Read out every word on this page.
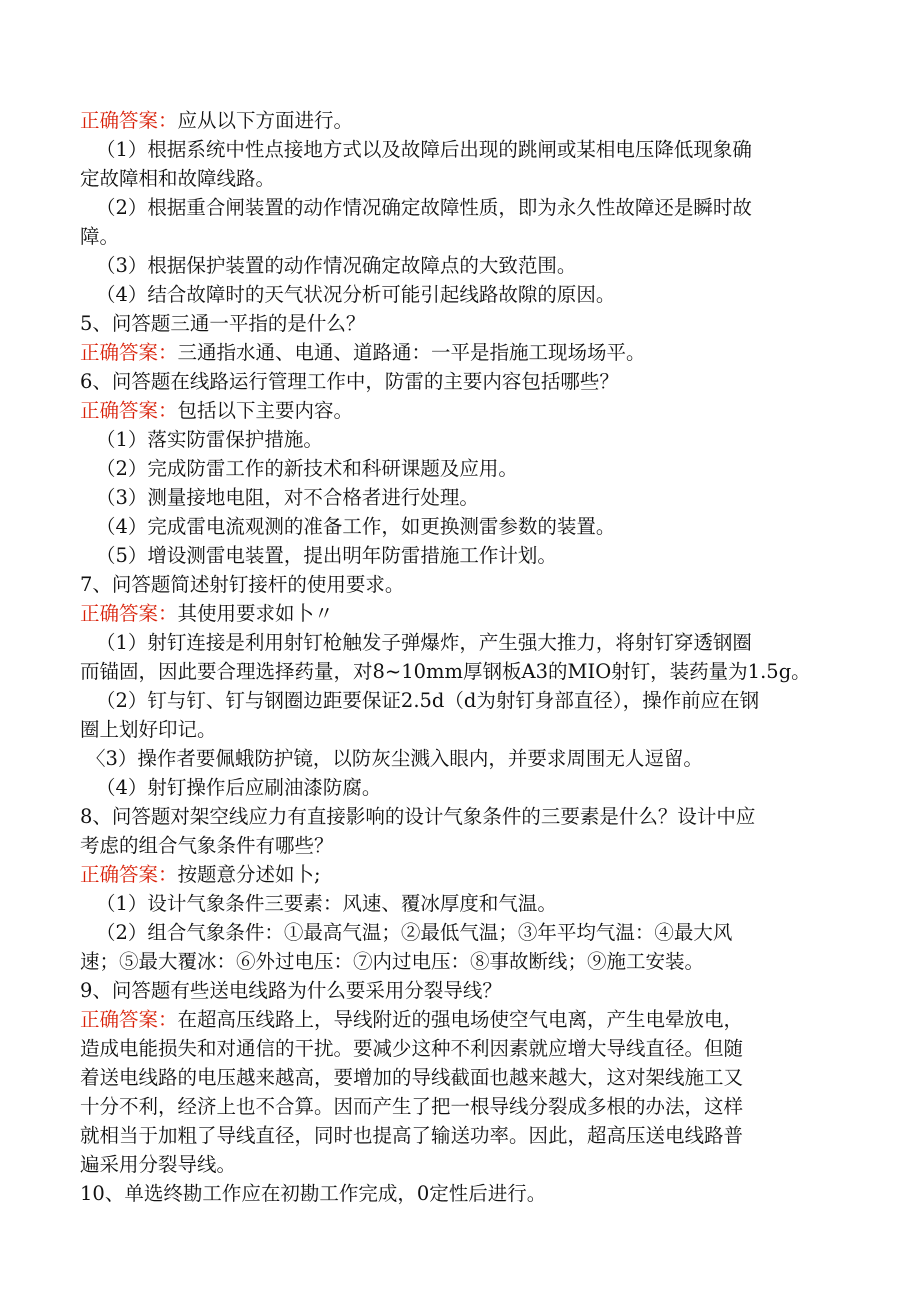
正确答案：应从以下方面进行。
（1）根据系统中性点接地方式以及故障后出现的跳闸或某相电压降低现象确
定故障相和故障线路。
（2）根据重合闸装置的动作情况确定故障性质，即为永久性故障还是瞬时故
障。
（3）根据保护装置的动作情况确定故障点的大致范围。
（4）结合故障时的天气状况分析可能引起线路故隙的原因。
5、问答题三通一平指的是什么？
正确答案：三通指水通、电通、道路通：一平是指施工现场场平。
6、问答题在线路运行管理工作中，防雷的主要内容包括哪些？
正确答案：包括以下主要内容。
（1）落实防雷保护措施。
（2）完成防雷工作的新技术和科研课题及应用。
（3）测量接地电阻，对不合格者进行处理。
（4）完成雷电流观测的准备工作，如更换测雷参数的装置。
（5）增设测雷电装置，提出明年防雷措施工作计划。
7、问答题简述射钉接杆的使用要求。
正确答案：其使用要求如卜〃
（1）射钉连接是利用射钉枪触发子弹爆炸，产生强大推力，将射钉穿透钢圈
而锚固，因此要合理选择药量，对8~10mm厚钢板A3的MIO射钉，装药量为1.5g。
（2）钉与钉、钉与钢圈边距要保证2.5d（d为射钉身部直径），操作前应在钢
圈上划好印记。
〈3）操作者要佩蛾防护镜，以防灰尘溅入眼内，并要求周围无人逗留。
（4）射钉操作后应刷油漆防腐。
8、问答题对架空线应力有直接影响的设计气象条件的三要素是什么？设计中应
考虑的组合气象条件有哪些？
正确答案：按题意分述如卜;
（1）设计气象条件三要素：风速、覆冰厚度和气温。
（2）组合气象条件：①最高气温；②最低气温；③年平均气温：④最大风
速；⑤最大覆冰：⑥外过电压：⑦内过电压：⑧事故断线；⑨施工安装。
9、问答题有些送电线路为什么要采用分裂导线？
正确答案：在超高压线路上，导线附近的强电场使空气电离，产生电晕放电，
造成电能损失和对通信的干扰。要减少这种不利因素就应增大导线直径。但随
着送电线路的电压越来越高，要增加的导线截面也越来越大，这对架线施工又
十分不利，经济上也不合算。因而产生了把一根导线分裂成多根的办法，这样
就相当于加粗了导线直径，同时也提高了输送功率。因此，超高压送电线路普
遍采用分裂导线。
10、单选终勘工作应在初勘工作完成，0定性后进行。
